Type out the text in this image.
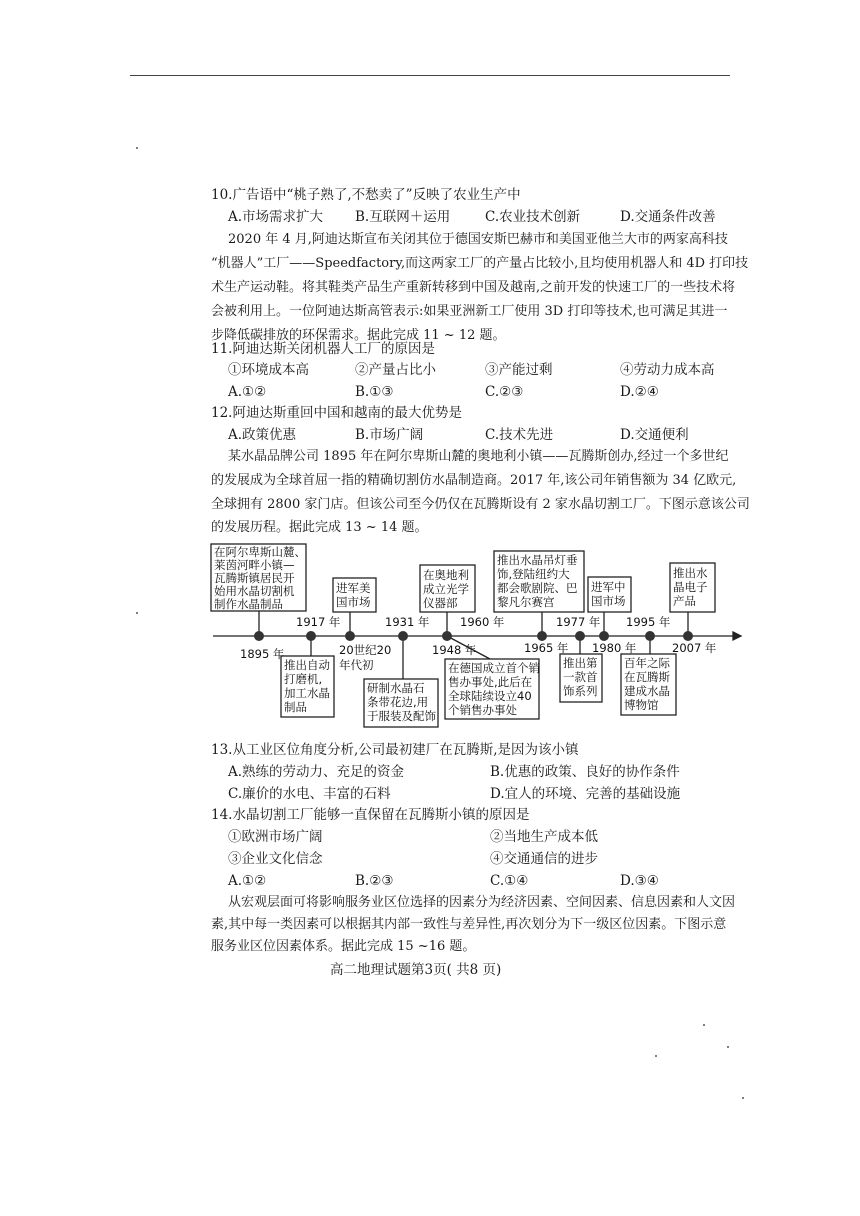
10.广告语中“桃子熟了,不愁卖了”反映了农业生产中
A.市场需求扩大 B.互联网＋运用	C.农业技术创新	D.交通条件改善
2020 年 4 月,阿迪达斯宣布关闭其位于德国安斯巴赫市和美国亚他兰大市的两家高科技
“机器人”工厂——Speedfactory,而这两家工厂的产量占比较小,且均使用机器人和 4D 打印技
术生产运动鞋。将其鞋类产品生产重新转移到中国及越南,之前开发的快速工厂的一些技术将
会被利用上。一位阿迪达斯高管表示:如果亚洲新工厂使用 3D 打印等技术,也可满足其进一
步降低碳排放的环保需求。据此完成 11 ~ 12 题。
11.阿迪达斯关闭机器人工厂的原因是
①环境成本高	②产量占比小	③产能过剩	④劳动力成本高
A.①②	B.①③	C.②③	D.②④
12.阿迪达斯重回中国和越南的最大优势是
A.政策优惠	B.市场广阔	C.技术先进	D.交通便利
某水晶品牌公司 1895 年在阿尔卑斯山麓的奥地利小镇——瓦腾斯创办,经过一个多世纪
的发展成为全球首屈一指的精确切割仿水晶制造商。2017 年,该公司年销售额为 34 亿欧元,
全球拥有 2800 家门店。但该公司至今仍仅在瓦腾斯设有 2 家水晶切割工厂。下图示意该公司
的发展历程。据此完成 13 ~ 14 题。
1895 年
1917 年
20世纪20
年代初
1931 年
1948 年
1960 年
1965 年
1977 年
1980 年
1995 年
2007 年
在阿尔卑斯山麓、
莱茵河畔小镇—
瓦腾斯镇居民开
始用水晶切割机
制作水晶制品
进军美
国市场
在奥地利
成立光学
仪器部
推出水晶吊灯垂
饰,登陆纽约大
都会歌剧院、巴
黎凡尔赛宫
进军中
国市场
推出水
晶电子
产品
推出自动
打磨机,
加工水晶
制品
研制水晶石
条带花边,用
于服装及配饰
在德国成立首个销
售办事处,此后在
全球陆续设立40
个销售办事处
推出第
一款首
饰系列
百年之际
在瓦腾斯
建成水晶
博物馆
13.从工业区位角度分析,公司最初建厂在瓦腾斯,是因为该小镇
A.熟练的劳动力、充足的资金	B.优惠的政策、良好的协作条件
C.廉价的水电、丰富的石料	D.宜人的环境、完善的基础设施
14.水晶切割工厂能够一直保留在瓦腾斯小镇的原因是
①欧洲市场广阔	②当地生产成本低
③企业文化信念	④交通通信的进步
A.①②	B.②③	C.①④	D.③④
从宏观层面可将影响服务业区位选择的因素分为经济因素、空间因素、信息因素和人文因
素,其中每一类因素可以根据其内部一致性与差异性,再次划分为下一级区位因素。下图示意
服务业区位因素体系。据此完成 15 ~16 题。
高二地理试题第3页( 共8 页)
